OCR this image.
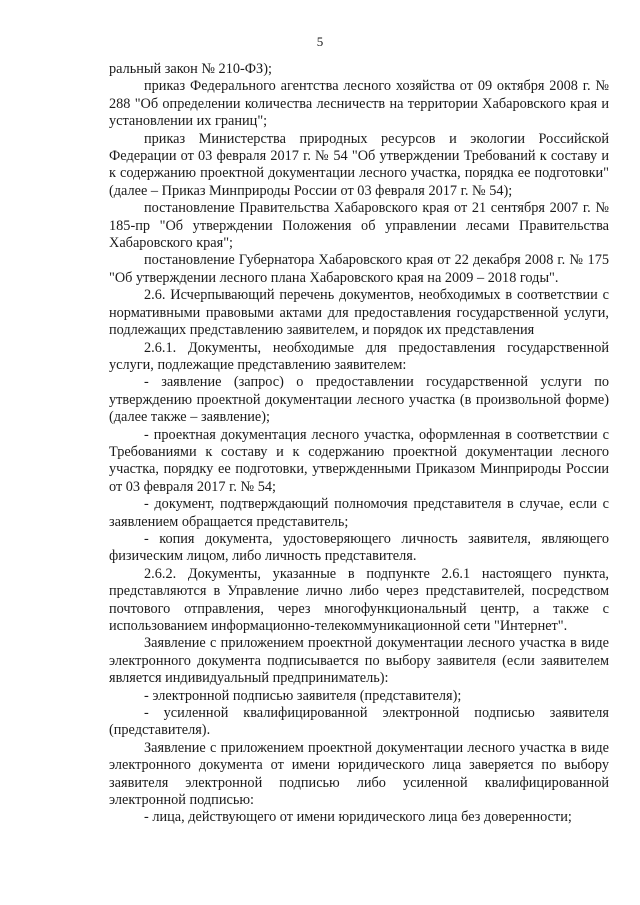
5

ральный закон № 210-ФЗ);

приказ Федерального агентства лесного хозяйства от 09 октября 2008 г. № 288 "Об определении количества лесничеств на территории Хабаровского края и установлении их границ";

приказ Министерства природных ресурсов и экологии Российской Федерации от 03 февраля 2017 г. № 54 "Об утверждении Требований к составу и к содержанию проектной документации лесного участка, порядка ее подготовки" (далее – Приказ Минприроды России от 03 февраля 2017 г. № 54);

постановление Правительства Хабаровского края от 21 сентября 2007 г. № 185-пр "Об утверждении Положения об управлении лесами Правительства Хабаровского края";

постановление Губернатора Хабаровского края от 22 декабря 2008 г. № 175 "Об утверждении лесного плана Хабаровского края на 2009 – 2018 годы".

2.6. Исчерпывающий перечень документов, необходимых в соответствии с нормативными правовыми актами для предоставления государственной услуги, подлежащих представлению заявителем, и порядок их представления

2.6.1. Документы, необходимые для предоставления государственной услуги, подлежащие представлению заявителем:

- заявление (запрос) о предоставлении государственной услуги по утверждению проектной документации лесного участка (в произвольной форме) (далее также – заявление);

- проектная документация лесного участка, оформленная в соответствии с Требованиями к составу и к содержанию проектной документации лесного участка, порядку ее подготовки, утвержденными Приказом Минприроды России от 03 февраля 2017 г. № 54;

- документ, подтверждающий полномочия представителя в случае, если с заявлением обращается представитель;

- копия документа, удостоверяющего личность заявителя, являющего физическим лицом, либо личность представителя.

2.6.2. Документы, указанные в подпункте 2.6.1 настоящего пункта, представляются в Управление лично либо через представителей, посредством почтового отправления, через многофункциональный центр, а также с использованием информационно-телекоммуникационной сети "Интернет".

Заявление с приложением проектной документации лесного участка в виде электронного документа подписывается по выбору заявителя (если заявителем является индивидуальный предприниматель):

- электронной подписью заявителя (представителя);

- усиленной квалифицированной электронной подписью заявителя (представителя).

Заявление с приложением проектной документации лесного участка в виде электронного документа от имени юридического лица заверяется по выбору заявителя электронной подписью либо усиленной квалифицированной электронной подписью:

- лица, действующего от имени юридического лица без доверенности;
